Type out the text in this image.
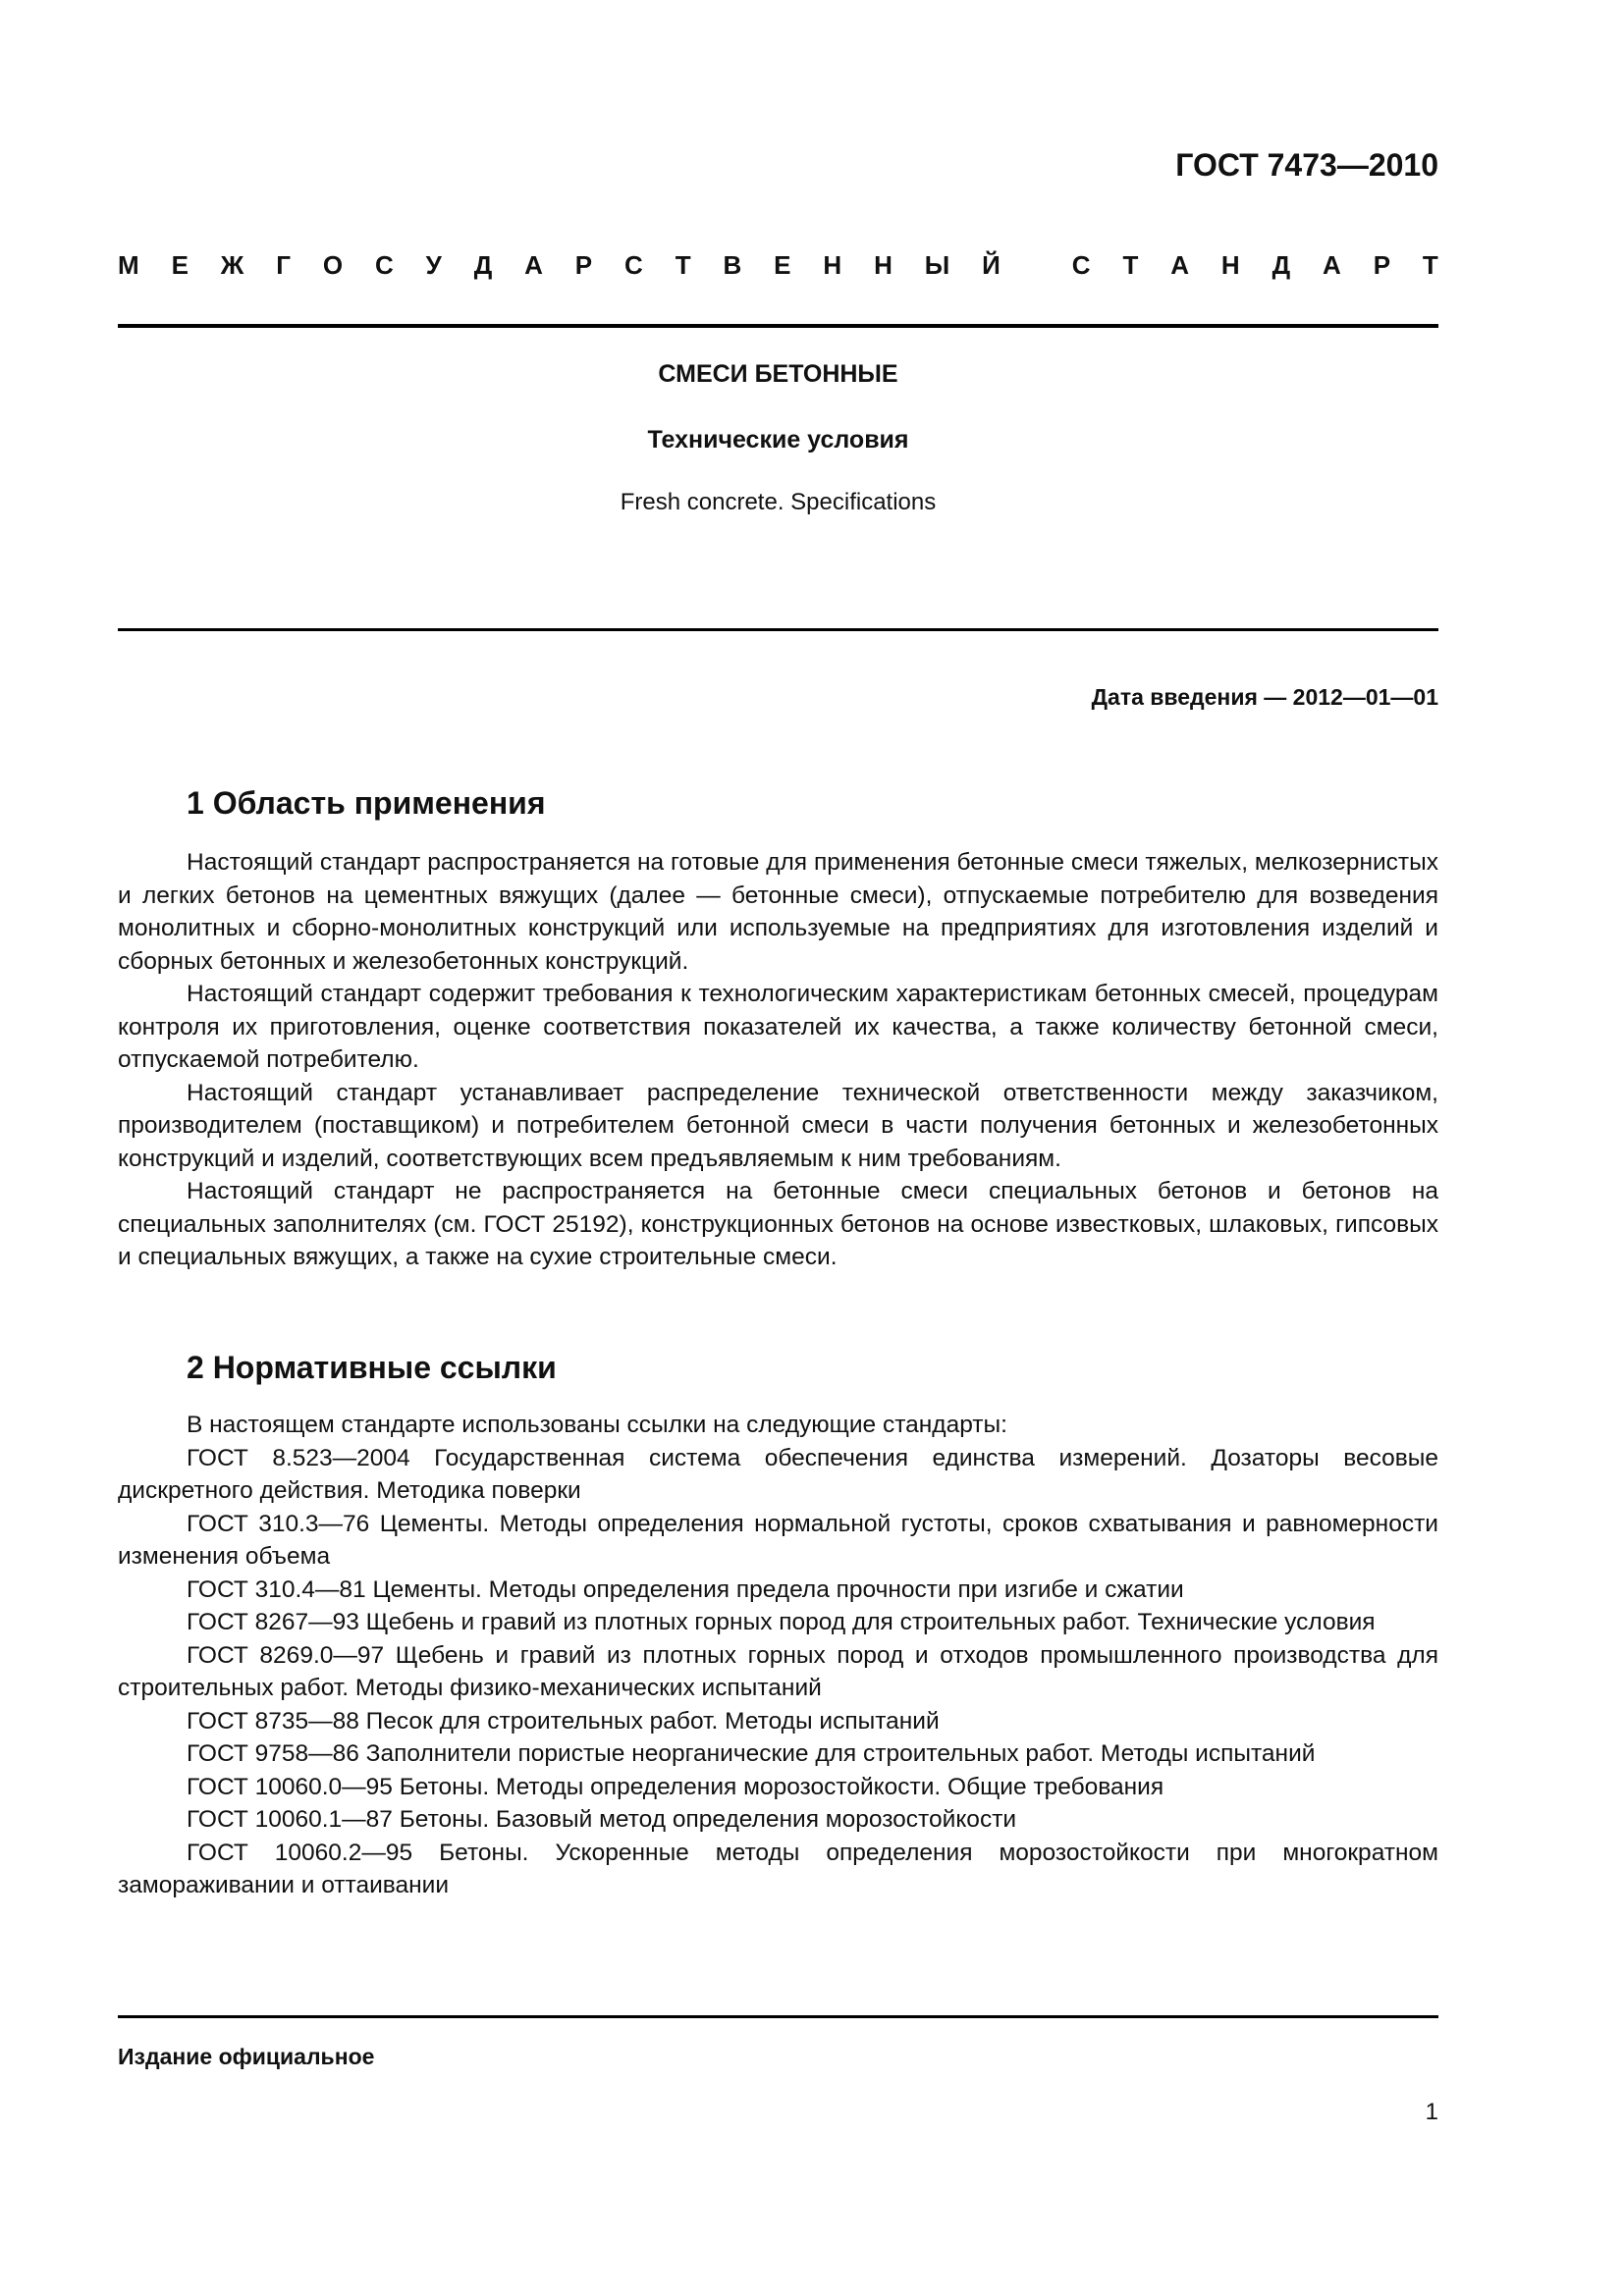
ГОСТ 7473—2010
М Е Ж Г О С У Д А Р С Т В Е Н Н Ы Й
	С Т А Н Д А Р Т
СМЕСИ БЕТОННЫЕ
Технические условия
Fresh concrete. Specifications
Дата введения — 2012—01—01
1 Область применения

Настоящий стандарт распространяется на готовые для применения бетонные смеси тяжелых, мелкозернистых и легких бетонов на цементных вяжущих (далее — бетонные смеси), отпускаемые потребителю для возведения монолитных и сборно-монолитных конструкций или используемые на предприятиях для изготовления изделий и сборных бетонных и железобетонных конструкций.

Настоящий стандарт содержит требования к технологическим характеристикам бетонных смесей, процедурам контроля их приготовления, оценке соответствия показателей их качества, а также количеству бетонной смеси, отпускаемой потребителю.

Настоящий стандарт устанавливает распределение технической ответственности между заказчиком, производителем (поставщиком) и потребителем бетонной смеси в части получения бетонных и железобетонных конструкций и изделий, соответствующих всем предъявляемым к ним требованиям.

Настоящий стандарт не распространяется на бетонные смеси специальных бетонов и бетонов на специальных заполнителях (см. ГОСТ 25192), конструкционных бетонов на основе известковых, шлаковых, гипсовых и специальных вяжущих, а также на сухие строительные смеси.

2 Нормативные ссылки

В настоящем стандарте использованы ссылки на следующие стандарты:

ГОСТ 8.523—2004 Государственная система обеспечения единства измерений. Дозаторы весовые дискретного действия. Методика поверки

ГОСТ 310.3—76 Цементы. Методы определения нормальной густоты, сроков схватывания и равномерности изменения объема

ГОСТ 310.4—81 Цементы. Методы определения предела прочности при изгибе и сжатии

ГОСТ 8267—93 Щебень и гравий из плотных горных пород для строительных работ. Технические условия

ГОСТ 8269.0—97 Щебень и гравий из плотных горных пород и отходов промышленного производства для строительных работ. Методы физико-механических испытаний

ГОСТ 8735—88 Песок для строительных работ. Методы испытаний

ГОСТ 9758—86 Заполнители пористые неорганические для строительных работ. Методы испытаний

ГОСТ 10060.0—95 Бетоны. Методы определения морозостойкости. Общие требования

ГОСТ 10060.1—87 Бетоны. Базовый метод определения морозостойкости

ГОСТ 10060.2—95 Бетоны. Ускоренные методы определения морозостойкости при многократном замораживании и оттаивании

Издание официальное
1
